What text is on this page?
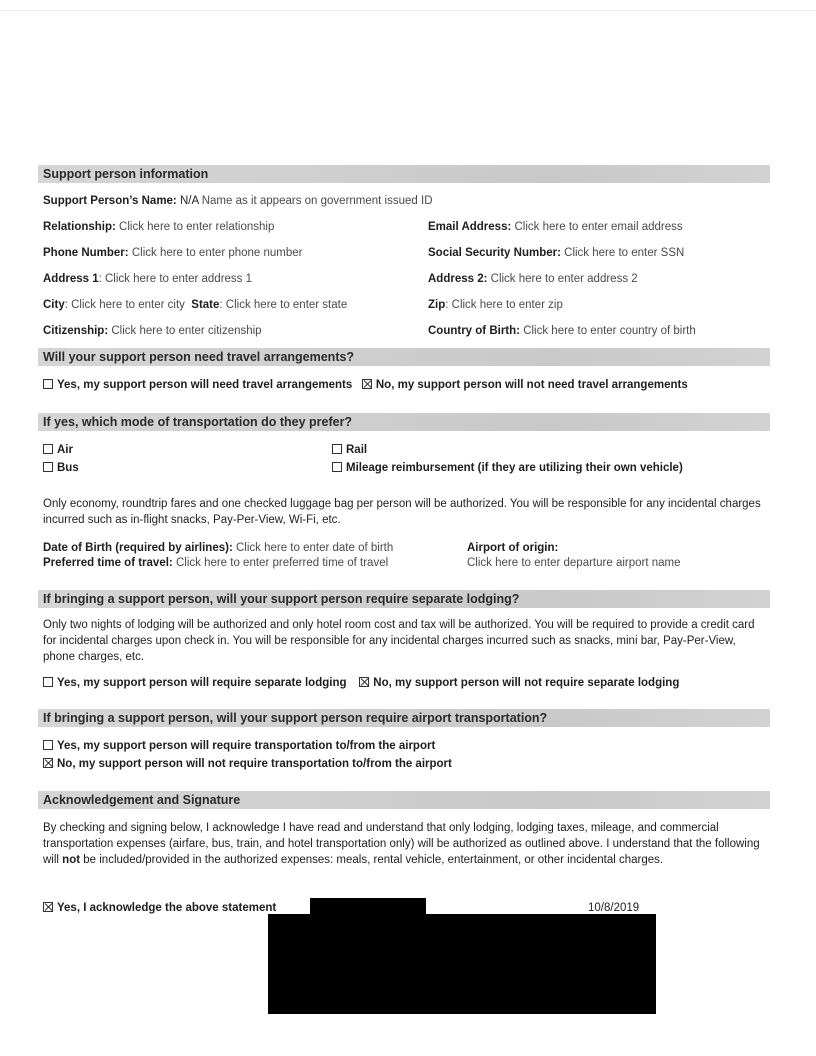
Support person information
Support Person’s Name: N/A Name as it appears on government issued ID
Relationship: Click here to enter relationship	Email Address: Click here to enter email address
Phone Number: Click here to enter phone number	Social Security Number: Click here to enter SSN
Address 1: Click here to enter address 1	Address 2: Click here to enter address 2
City: Click here to enter city State: Click here to enter state	Zip: Click here to enter zip
Citizenship: Click here to enter citizenship	Country of Birth: Click here to enter country of birth
Will your support person need travel arrangements?
Yes, my support person will need travel arrangements No, my support person will not need travel arrangements
If yes, which mode of transportation do they prefer?
Air	Rail
Bus	Mileage reimbursement (if they are utilizing their own vehicle)
Only economy, roundtrip fares and one checked luggage bag per person will be authorized. You will be responsible for any incidental charges incurred such as in-flight snacks, Pay-Per-View, Wi-Fi, etc.
Date of Birth (required by airlines): Click here to enter date of birth
Preferred time of travel: Click here to enter preferred time of travel
Airport of origin:
Click here to enter departure airport name
If bringing a support person, will your support person require separate lodging?
Only two nights of lodging will be authorized and only hotel room cost and tax will be authorized. You will be required to provide a credit card for incidental charges upon check in. You will be responsible for any incidental charges incurred such as snacks, mini bar, Pay-Per-View, phone charges, etc.
Yes, my support person will require separate lodging No, my support person will not require separate lodging
If bringing a support person, will your support person require airport transportation?
Yes, my support person will require transportation to/from the airport
No, my support person will not require transportation to/from the airport
Acknowledgement and Signature
By checking and signing below, I acknowledge I have read and understand that only lodging, lodging taxes, mileage, and commercial transportation expenses (airfare, bus, train, and hotel transportation only) will be authorized as outlined above. I understand that the following will not be included/provided in the authorized expenses: meals, rental vehicle, entertainment, or other incidental charges.
Yes, I acknowledge the above statement	10/8/2019
